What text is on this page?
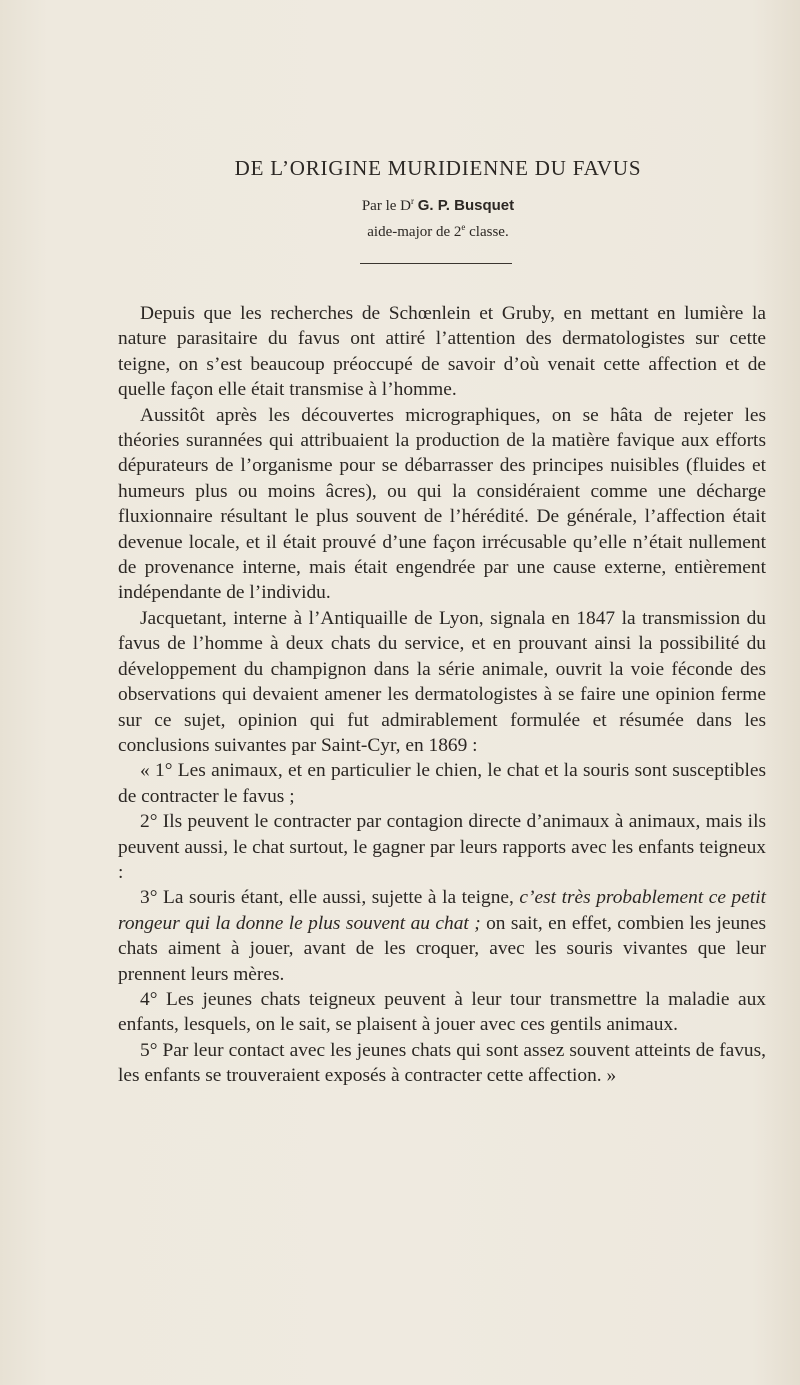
DE L’ORIGINE MURIDIENNE DU FAVUS
Par le $D^r$ G. P. Busquet
aide-major de 2e classe.

Depuis que les recherches de Schœnlein et Gruby, en mettant en lumière la nature parasitaire du favus ont attiré l’attention des dermatologistes sur cette teigne, on s’est beaucoup préoccupé de savoir d’où venait cette affection et de quelle façon elle était transmise à l’homme.

Aussitôt après les découvertes micrographiques, on se hâta de rejeter les théories surannées qui attribuaient la production de la matière favique aux efforts dépurateurs de l’organisme pour se débarrasser des principes nuisibles (fluides et humeurs plus ou moins âcres), ou qui la considéraient comme une décharge fluxionnaire résultant le plus souvent de l’hérédité. De générale, l’affection était devenue locale, et il était prouvé d’une façon irrécusable qu’elle n’était nullement de provenance interne, mais était engendrée par une cause externe, entièrement indépendante de l’individu.

Jacquetant, interne à l’Antiquaille de Lyon, signala en 1847 la transmission du favus de l’homme à deux chats du service, et en prouvant ainsi la possibilité du développement du champignon dans la série animale, ouvrit la voie féconde des observations qui devaient amener les dermatologistes à se faire une opinion ferme sur ce sujet, opinion qui fut admirablement formulée et résumée dans les conclusions suivantes par Saint-Cyr, en 1869 :

« 1° Les animaux, et en particulier le chien, le chat et la souris sont susceptibles de contracter le favus ;

2° Ils peuvent le contracter par contagion directe d’animaux à animaux, mais ils peuvent aussi, le chat surtout, le gagner par leurs rapports avec les enfants teigneux :

3° La souris étant, elle aussi, sujette à la teigne, c’est très probablement ce petit rongeur qui la donne le plus souvent au chat ; on sait, en effet, combien les jeunes chats aiment à jouer, avant de les croquer, avec les souris vivantes que leur prennent leurs mères.

4° Les jeunes chats teigneux peuvent à leur tour transmettre la maladie aux enfants, lesquels, on le sait, se plaisent à jouer avec ces gentils animaux.

5° Par leur contact avec les jeunes chats qui sont assez souvent atteints de favus, les enfants se trouveraient exposés à contracter cette affection. »
